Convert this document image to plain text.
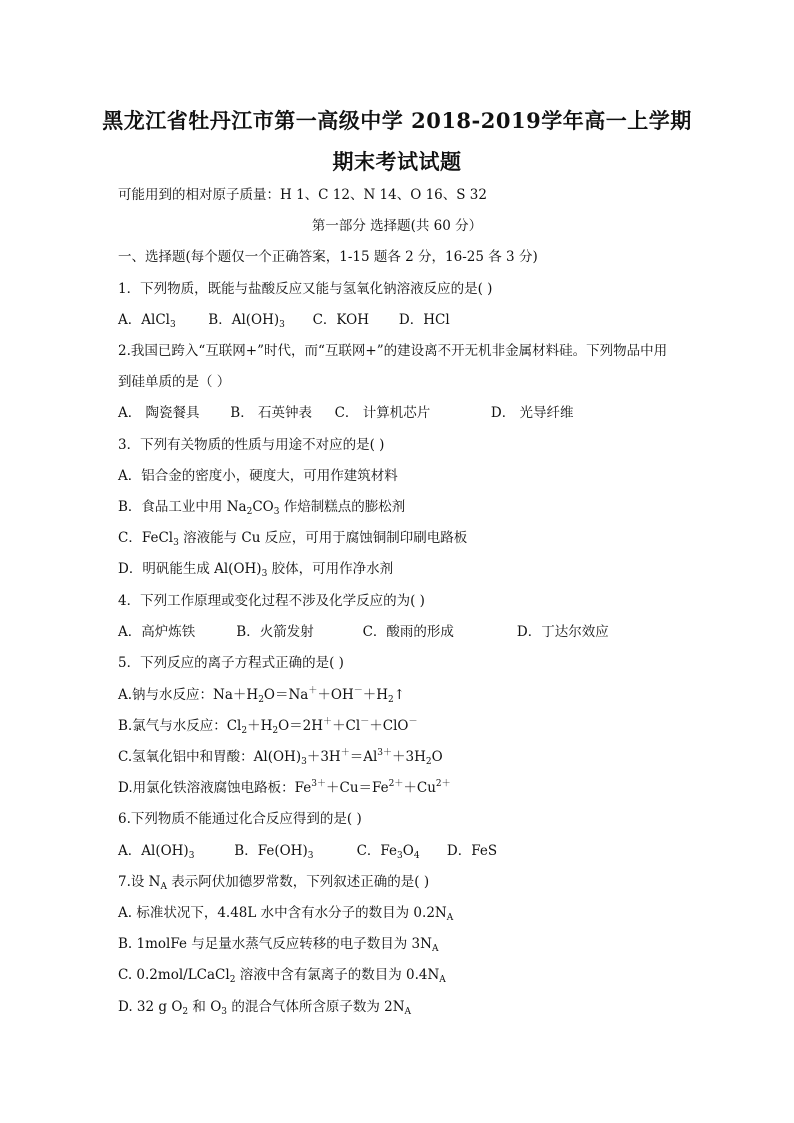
黑龙江省牡丹江市第一高级中学 2018-2019学年高一上学期
期末考试试题
可能用到的相对原子质量：H 1、C 12、N 14、O 16、S 32
第一部分 选择题(共 60 分）
一、选择题(每个题仅一个正确答案，1-15 题各 2 分，16-25 各 3 分)
1．下列物质，既能与盐酸反应又能与氢氧化钠溶液反应的是( )
A．AlCl$_3$ B．$Al(OH)_3$ C．KOH D．HCl
2.我国已跨入“互联网+”时代，而“互联网+”的建设离不开无机非金属材料硅。下列物品中用
到硅单质的是（ ）
A． 陶瓷餐具 B． 石英钟表 C． 计算机芯片	D． 光导纤维
3．下列有关物质的性质与用途不对应的是( )
A．铝合金的密度小，硬度大，可用作建筑材料
B．食品工业中用 $Na_2CO_3$ 作焙制糕点的膨松剂
C．FeCl$_3$ 溶液能与 Cu 反应，可用于腐蚀铜制印刷电路板
D．明矾能生成 $Al(OH)_3$ 胶体，可用作净水剂
4．下列工作原理或变化过程不涉及化学反应的为( )
A．高炉炼铁	B．火箭发射	C．酸雨的形成	D．丁达尔效应
5．下列反应的离子方程式正确的是( )
A.钠与水反应：$Na+H_2O=Na^++OH^-+H_2↑$
B.氯气与水反应：$Cl_2+H_2O=2H^++Cl^-+ClO^-$
C.氢氧化铝中和胃酸：$Al(OH)_3+3H^+=Al^{3+}+3H_2O$
D.用氯化铁溶液腐蚀电路板：$Fe^{3+}+Cu=Fe^{2+}+Cu^{2+}$
6.下列物质不能通过化合反应得到的是( )
A．$Al(OH)_3$	B．$Fe(OH)_3$	C．$Fe_3O_4$ D．FeS
7.设 $N_A$ 表示阿伏加德罗常数，下列叙述正确的是( )
A. 标准状况下，4.48L 水中含有水分子的数目为 $0.2N_A$
B. 1molFe 与足量水蒸气反应转移的电子数目为 $3N_A$
C. 0.2mol/LCaCl$_2$ 溶液中含有氯离子的数目为 $0.4N_A$
D. 32 g $O_2$ 和 $O_3$ 的混合气体所含原子数为 $2N_A$
